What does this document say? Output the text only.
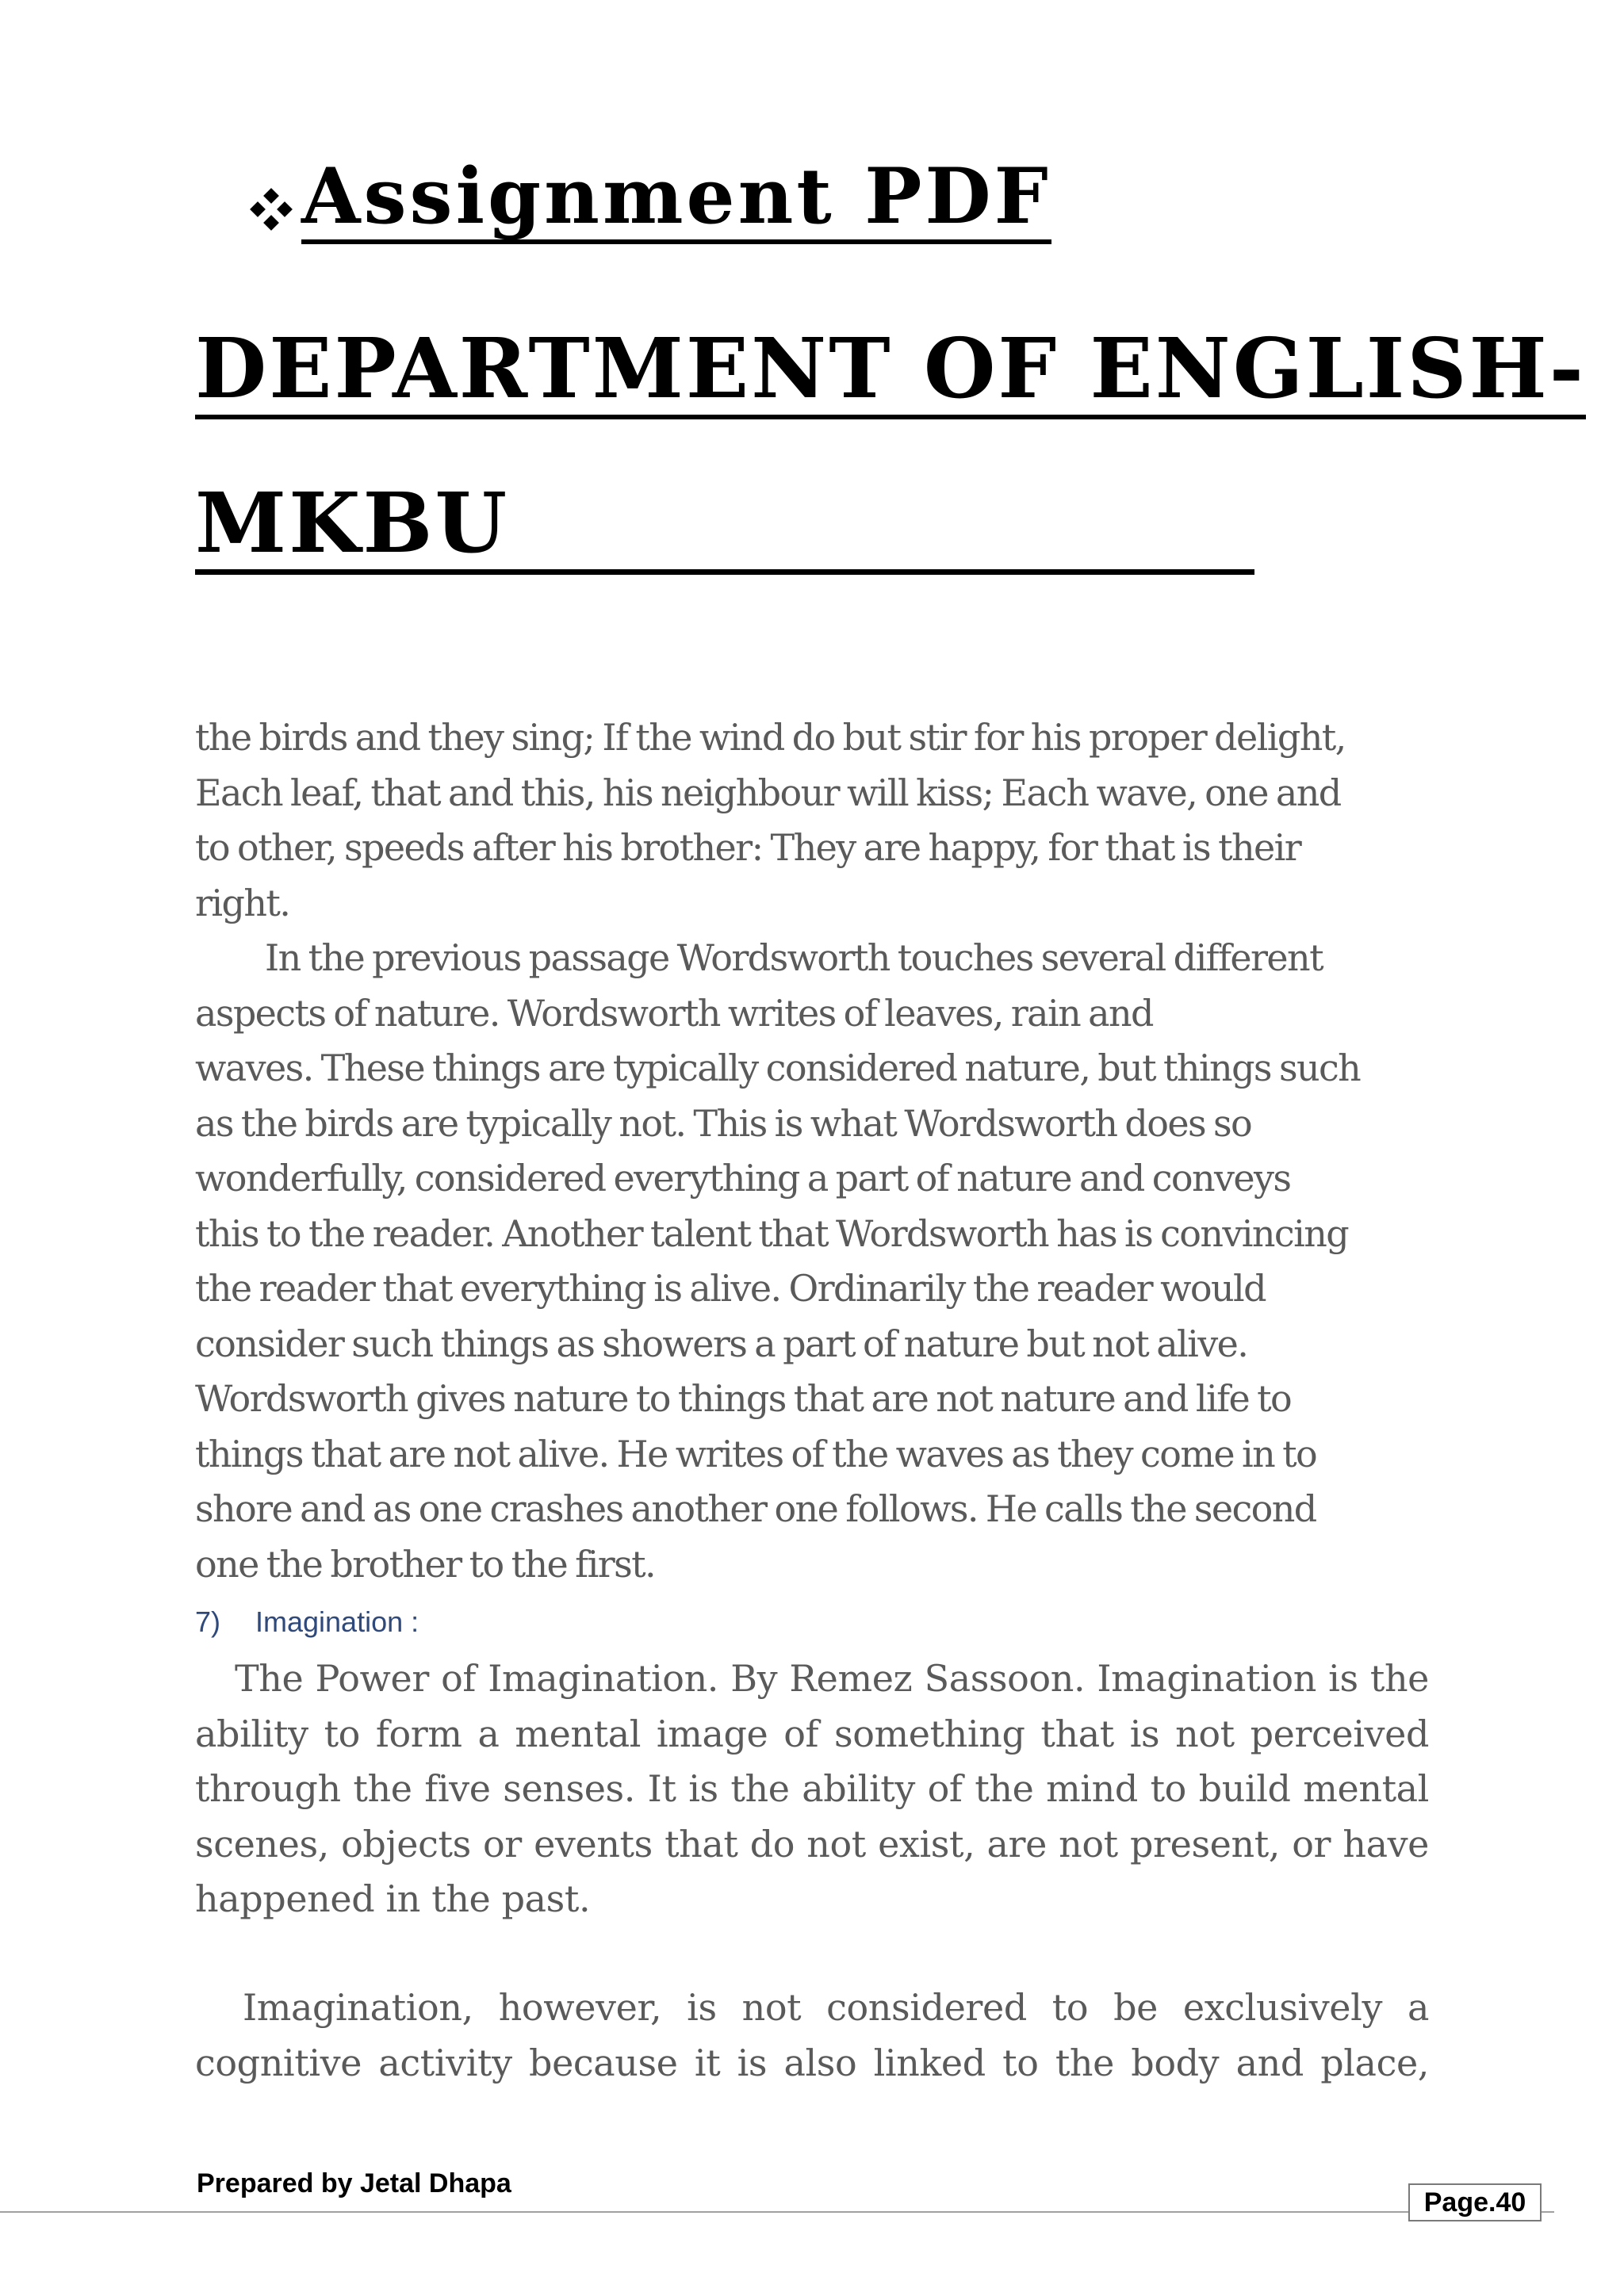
Assignment PDF
DEPARTMENT OF ENGLISH-
MKBU
the birds and they sing; If the wind do but stir for his proper delight,
Each leaf, that and this, his neighbour will kiss; Each wave, one and
to other, speeds after his brother: They are happy, for that is their
right.
In the previous passage Wordsworth touches several different
aspects of nature. Wordsworth writes of leaves, rain and
waves. These things are typically considered nature, but things such
as the birds are typically not. This is what Wordsworth does so
wonderfully, considered everything a part of nature and conveys
this to the reader. Another talent that Wordsworth has is convincing
the reader that everything is alive. Ordinarily the reader would
consider such things as showers a part of nature but not alive.
Wordsworth gives nature to things that are not nature and life to
things that are not alive. He writes of the waves as they come in to
shore and as one crashes another one follows. He calls the second
one the brother to the first.
7) Imagination :
The Power of Imagination. By Remez Sassoon. Imagination is the
ability to form a mental image of something that is not perceived
through the five senses. It is the ability of the mind to build mental
scenes, objects or events that do not exist, are not present, or have
happened in the past.
Imagination, however, is not considered to be exclusively a
cognitive activity because it is also linked to the body and place,
Prepared by Jetal Dhapa
Page.40
